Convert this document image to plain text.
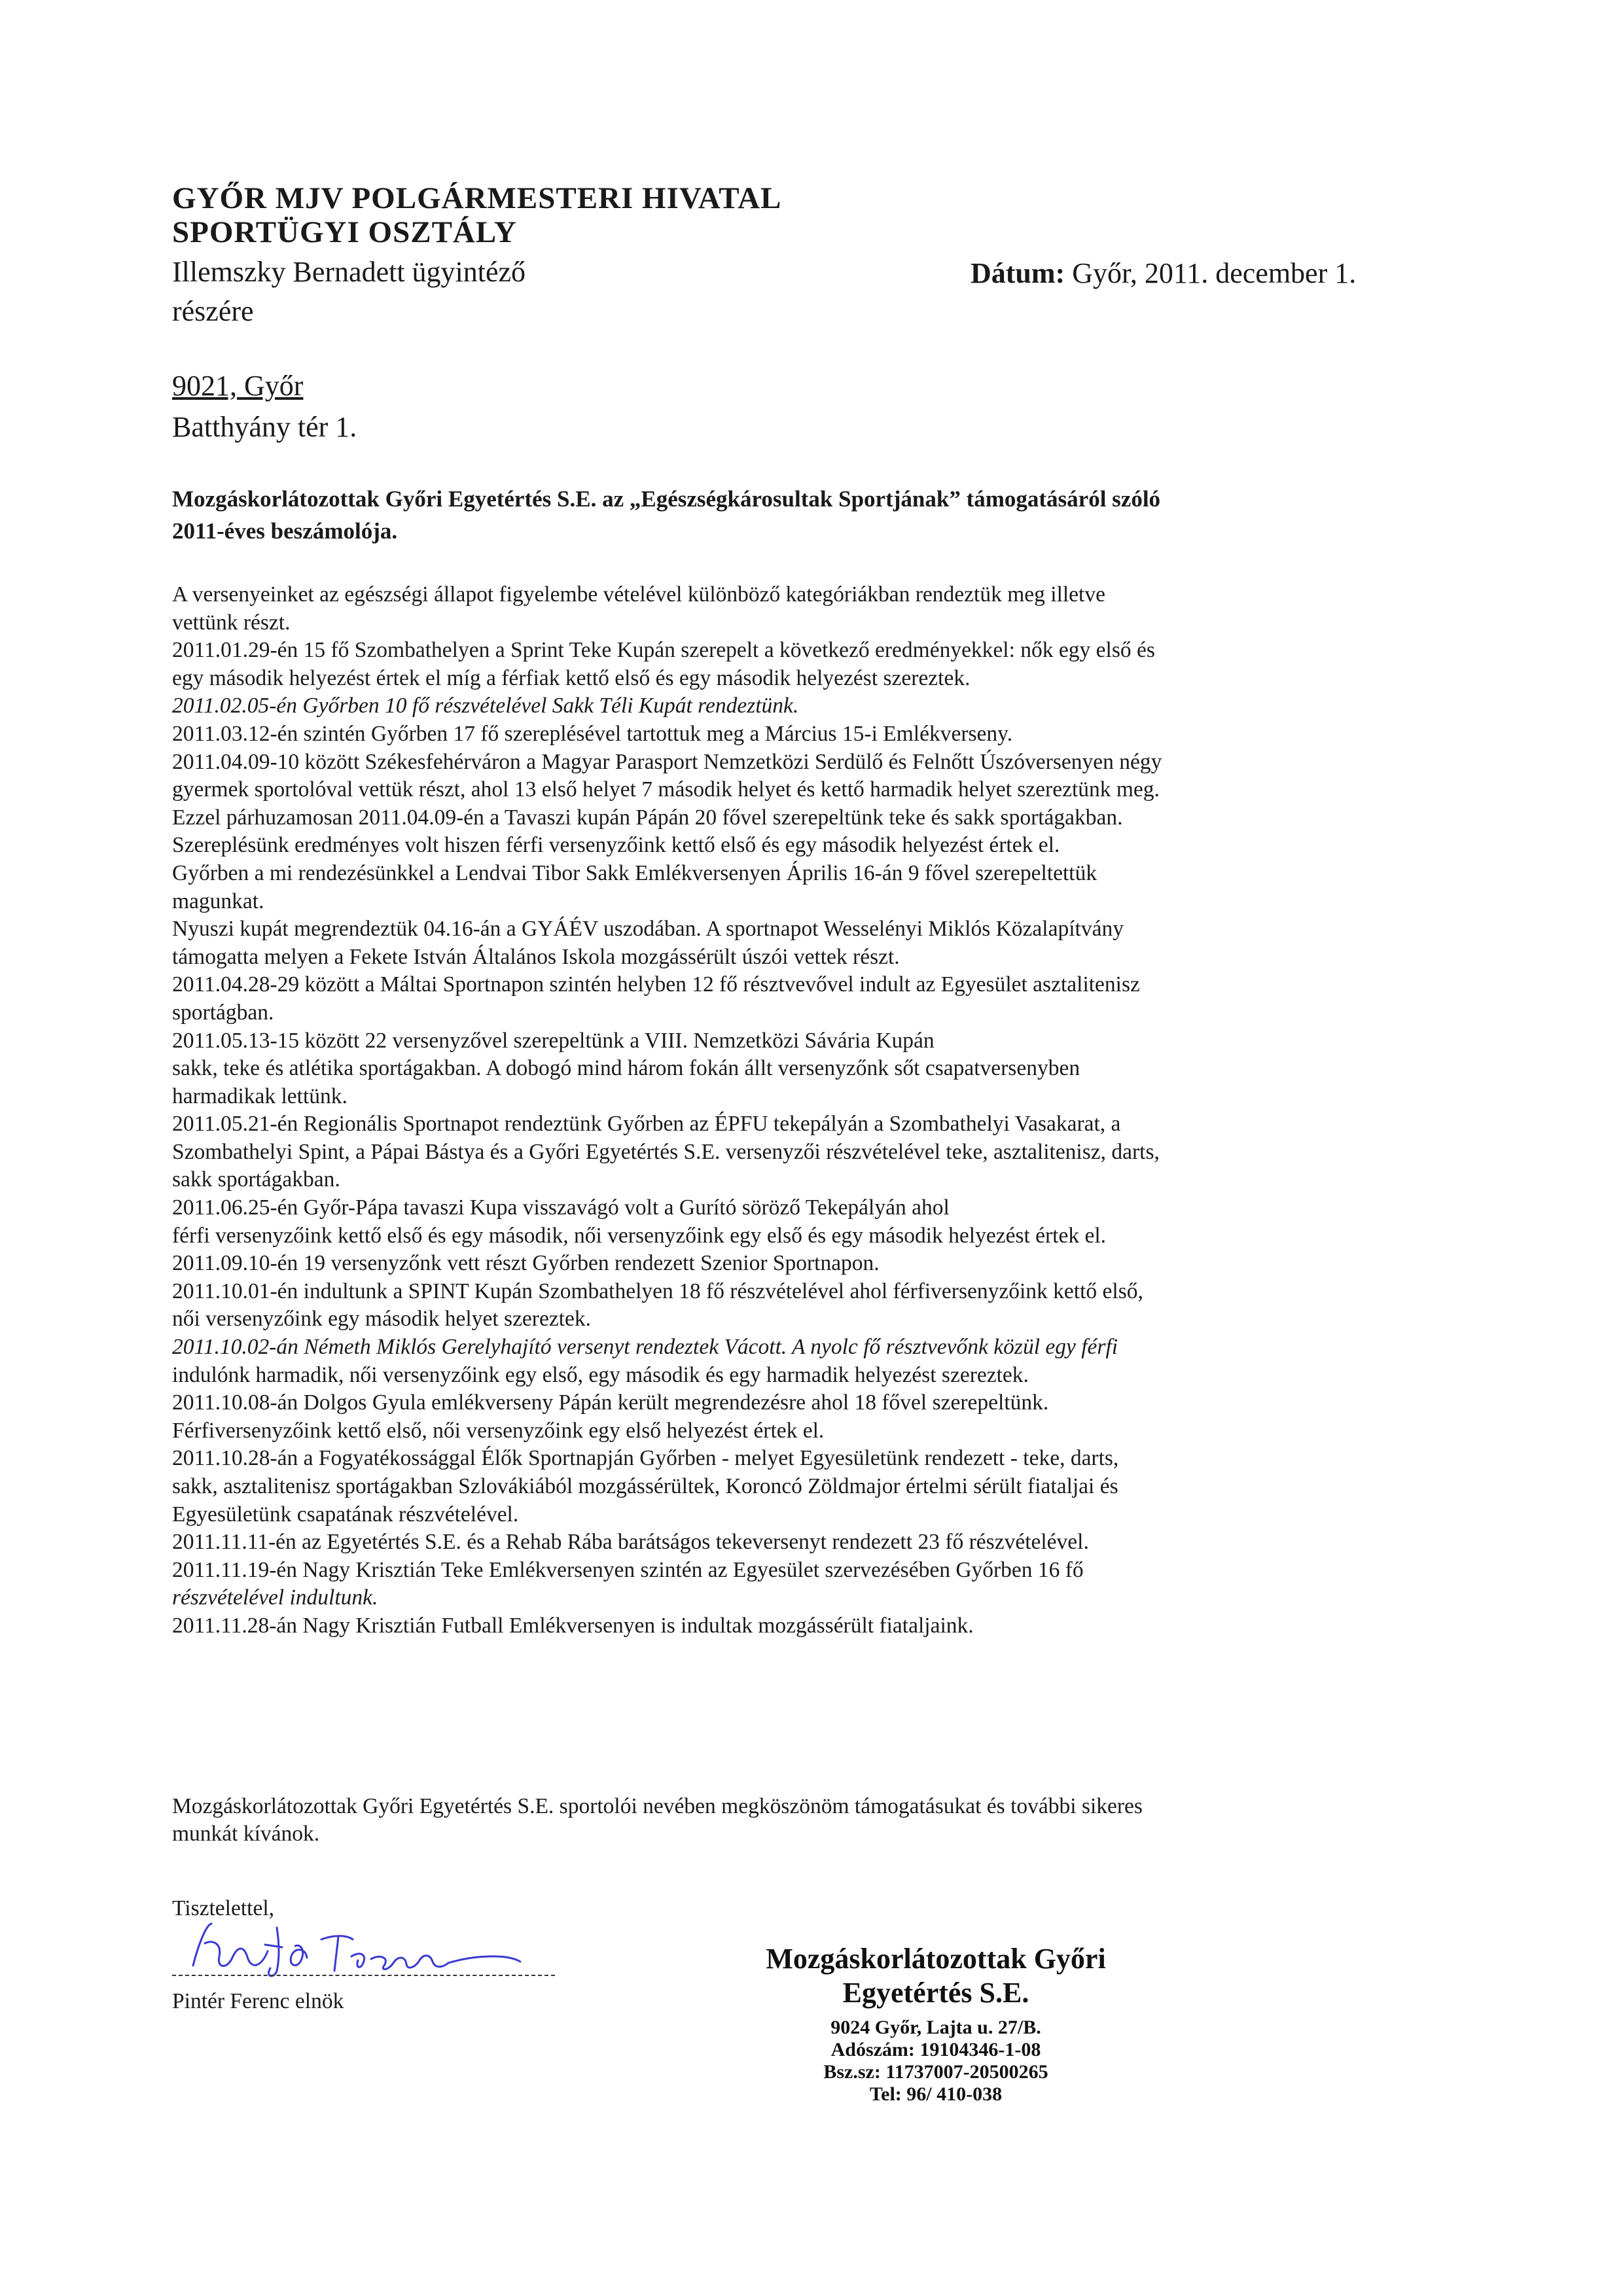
GYŐR MJV POLGÁRMESTERI HIVATAL
SPORTÜGYI OSZTÁLY
Illemszky Bernadett ügyintéző
részére
Dátum: Győr, 2011. december 1.
9021, Győr
Batthyány tér 1.
Mozgáskorlátozottak Győri Egyetértés S.E. az „Egészségkárosultak Sportjának” támogatásáról szóló
2011-éves beszámolója.

A versenyeinket az egészségi állapot figyelembe vételével különböző kategóriákban rendeztük meg illetve

vettünk részt.

2011.01.29-én 15 fő Szombathelyen a Sprint Teke Kupán szerepelt a következő eredményekkel: nők egy első és

egy második helyezést értek el míg a férfiak kettő első és egy második helyezést szereztek.

2011.02.05-én Győrben 10 fő részvételével Sakk Téli Kupát rendeztünk.

2011.03.12-én szintén Győrben 17 fő szereplésével tartottuk meg a Március 15-i Emlékverseny.

2011.04.09-10 között Székesfehérváron a Magyar Parasport Nemzetközi Serdülő és Felnőtt Úszóversenyen négy

gyermek sportolóval vettük részt, ahol 13 első helyet 7 második helyet és kettő harmadik helyet szereztünk meg.

Ezzel párhuzamosan 2011.04.09-én a Tavaszi kupán Pápán 20 fővel szerepeltünk teke és sakk sportágakban.

Szereplésünk eredményes volt hiszen férfi versenyzőink kettő első és egy második helyezést értek el.

Győrben a mi rendezésünkkel a Lendvai Tibor Sakk Emlékversenyen Április 16-án 9 fővel szerepeltettük

magunkat.

Nyuszi kupát megrendeztük 04.16-án a GYÁÉV uszodában. A sportnapot Wesselényi Miklós Közalapítvány

támogatta melyen a Fekete István Általános Iskola mozgássérült úszói vettek részt.

2011.04.28-29 között a Máltai Sportnapon szintén helyben 12 fő résztvevővel indult az Egyesület asztalitenisz

sportágban.

2011.05.13-15 között 22 versenyzővel szerepeltünk a VIII. Nemzetközi Sávária Kupán

sakk, teke és atlétika sportágakban. A dobogó mind három fokán állt versenyzőnk sőt csapatversenyben

harmadikak lettünk.

2011.05.21-én Regionális Sportnapot rendeztünk Győrben az ÉPFU tekepályán a Szombathelyi Vasakarat, a

Szombathelyi Spint, a Pápai Bástya és a Győri Egyetértés S.E. versenyzői részvételével teke, asztalitenisz, darts,

sakk sportágakban.

2011.06.25-én Győr-Pápa tavaszi Kupa visszavágó volt a Gurító söröző Tekepályán ahol

férfi versenyzőink kettő első és egy második, női versenyzőink egy első és egy második helyezést értek el.

2011.09.10-én 19 versenyzőnk vett részt Győrben rendezett Szenior Sportnapon.

2011.10.01-én indultunk a SPINT Kupán Szombathelyen 18 fő részvételével ahol férfiversenyzőink kettő első,

női versenyzőink egy második helyet szereztek.

2011.10.02-án Németh Miklós Gerelyhajító versenyt rendeztek Vácott. A nyolc fő résztvevőnk közül egy férfi

indulónk harmadik, női versenyzőink egy első, egy második és egy harmadik helyezést szereztek.

2011.10.08-án Dolgos Gyula emlékverseny Pápán került megrendezésre ahol 18 fővel szerepeltünk.

Férfiversenyzőink kettő első, női versenyzőink egy első helyezést értek el.

2011.10.28-án a Fogyatékossággal Élők Sportnapján Győrben - melyet Egyesületünk rendezett - teke, darts,

sakk, asztalitenisz sportágakban Szlovákiából mozgássérültek, Koroncó Zöldmajor értelmi sérült fiataljai és

Egyesületünk csapatának részvételével.

2011.11.11-én az Egyetértés S.E. és a Rehab Rába barátságos tekeversenyt rendezett 23 fő részvételével.

2011.11.19-én Nagy Krisztián Teke Emlékversenyen szintén az Egyesület szervezésében Győrben 16 fő

részvételével indultunk.

2011.11.28-án Nagy Krisztián Futball Emlékversenyen is indultak mozgássérült fiataljaink.

Mozgáskorlátozottak Győri Egyetértés S.E. sportolói nevében megköszönöm támogatásukat és további sikeres
munkát kívánok.
Tisztelettel,
Pintér Ferenc elnök
Mozgáskorlátozottak Győri
Egyetértés S.E.
9024 Győr, Lajta u. 27/B.
Adószám: 19104346-1-08
Bsz.sz: 11737007-20500265
Tel: 96/ 410-038
